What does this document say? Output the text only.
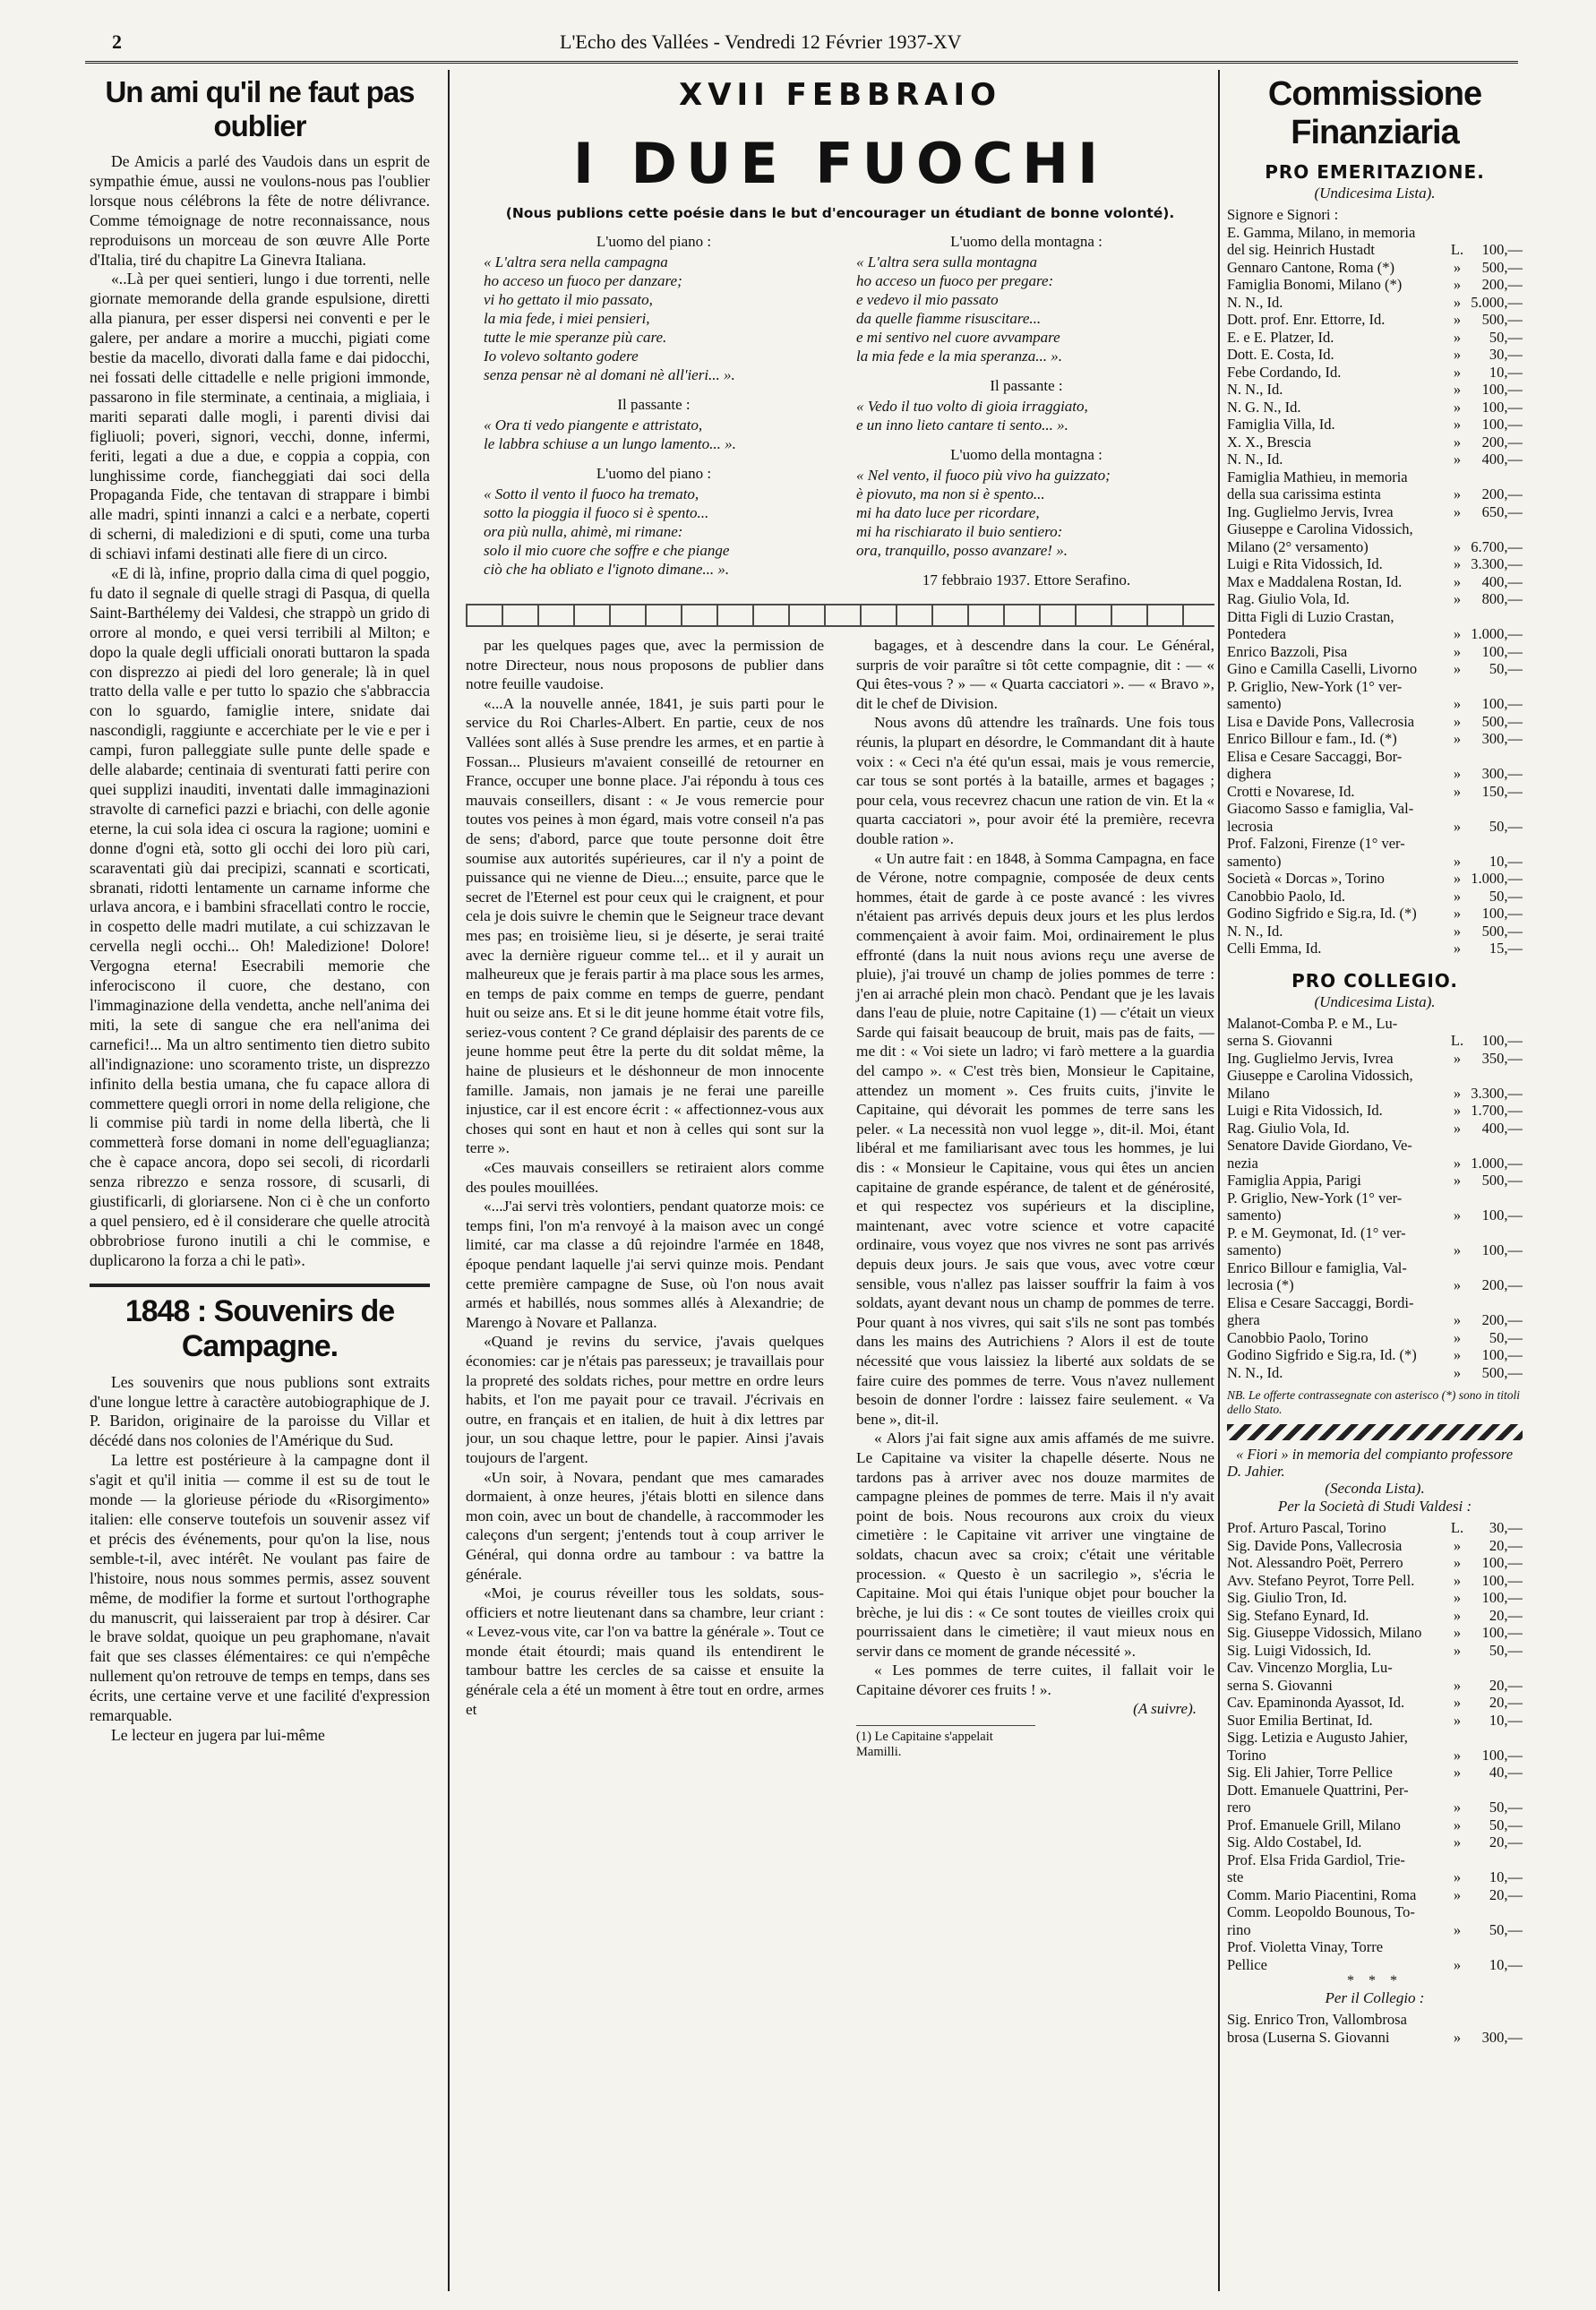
2	L'Echo des Vallées - Vendredi 12 Février 1937-XV
Un ami qu'il ne faut pas oublier

De Amicis a parlé des Vaudois dans un esprit de sympathie émue, aussi ne voulons-nous pas l'oublier lorsque nous célébrons la fête de notre délivrance. Comme témoignage de notre reconnaissance, nous reproduisons un morceau de son œuvre Alle Porte d'Italia, tiré du chapitre La Ginevra Italiana.

«..Là per quei sentieri, lungo i due torrenti, nelle giornate memorande della grande espulsione, diretti alla pianura, per esser dispersi nei conventi e per le galere, per andare a morire a mucchi, pigiati come bestie da macello, divorati dalla fame e dai pidocchi, nei fossati delle cittadelle e nelle prigioni immonde, passarono in file sterminate, a centinaia, a migliaia, i mariti separati dalle mogli, i parenti divisi dai figliuoli; poveri, signori, vecchi, donne, infermi, feriti, legati a due a due, e coppia a coppia, con lunghissime corde, fiancheggiati dai soci della Propaganda Fide, che tentavan di strappare i bimbi alle madri, spinti innanzi a calci e a nerbate, coperti di scherni, di maledizioni e di sputi, come una turba di schiavi infami destinati alle fiere di un circo.

«E di là, infine, proprio dalla cima di quel poggio, fu dato il segnale di quelle stragi di Pasqua, di quella Saint-Barthélemy dei Valdesi, che strappò un grido di orrore al mondo, e quei versi terribili al Milton; e dopo la quale degli ufficiali onorati buttaron la spada con disprezzo ai piedi del loro generale; là in quel tratto della valle e per tutto lo spazio che s'abbraccia con lo sguardo, famiglie intere, snidate dai nascondigli, raggiunte e accerchiate per le vie e per i campi, furon palleggiate sulle punte delle spade e delle alabarde; centinaia di sventurati fatti perire con quei supplizi inauditi, inventati dalle immaginazioni stravolte di carnefici pazzi e briachi, con delle agonie eterne, la cui sola idea ci oscura la ragione; uomini e donne d'ogni età, sotto gli occhi dei loro più cari, scaraventati giù dai precipizi, scannati e scorticati, sbranati, ridotti lentamente un carname informe che urlava ancora, e i bambini sfracellati contro le roccie, in cospetto delle madri mutilate, a cui schizzavan le cervella negli occhi... Oh! Maledizione! Dolore! Vergogna eterna! Esecrabili memorie che inferociscono il cuore, che destano, con l'immaginazione della vendetta, anche nell'anima dei miti, la sete di sangue che era nell'anima dei carnefici!... Ma un altro sentimento tien dietro subito all'indignazione: uno scoramento triste, un disprezzo infinito della bestia umana, che fu capace allora di commettere quegli orrori in nome della religione, che li commise più tardi in nome della libertà, che li commetterà forse domani in nome dell'eguaglianza; che è capace ancora, dopo sei secoli, di ricordarli senza ribrezzo e senza rossore, di scusarli, di giustificarli, di gloriarsene. Non ci è che un conforto a quel pensiero, ed è il considerare che quelle atrocità obbrobriose furono inutili a chi le commise, e duplicarono la forza a chi le patì».

1848 : Souvenirs de Campagne.

Les souvenirs que nous publions sont extraits d'une longue lettre à caractère autobiographique de J. P. Baridon, originaire de la paroisse du Villar et décédé dans nos colonies de l'Amérique du Sud.

La lettre est postérieure à la campagne dont il s'agit et qu'il initia — comme il est su de tout le monde — la glorieuse période du «Risorgimento» italien: elle conserve toutefois un souvenir assez vif et précis des événements, pour qu'on la lise, nous semble-t-il, avec intérêt. Ne voulant pas faire de l'histoire, nous nous sommes permis, assez souvent même, de modifier la forme et surtout l'orthographe du manuscrit, qui laisseraient par trop à désirer. Car le brave soldat, quoique un peu graphomane, n'avait fait que ses classes élémentaires: ce qui n'empêche nullement qu'on retrouve de temps en temps, dans ses écrits, une certaine verve et une facilité d'expression remarquable.

Le lecteur en jugera par lui-même

XVII FEBBRAIO
I DUE FUOCHI
(Nous publions cette poésie dans le but d'encourager un étudiant de bonne volonté).
L'uomo del piano :
« L'altra sera nella campagna
ho acceso un fuoco per danzare;
vi ho gettato il mio passato,
la mia fede, i miei pensieri,
tutte le mie speranze più care.
Io volevo soltanto godere
senza pensar nè al domani nè all'ieri... ».
Il passante :
« Ora ti vedo piangente e attristato,
le labbra schiuse a un lungo lamento... ».
L'uomo del piano :
« Sotto il vento il fuoco ha tremato,
sotto la pioggia il fuoco si è spento...
ora più nulla, ahimè, mi rimane:
solo il mio cuore che soffre e che piange
ciò che ha obliato e l'ignoto dimane... ».
L'uomo della montagna :
« L'altra sera sulla montagna
ho acceso un fuoco per pregare:
e vedevo il mio passato
da quelle fiamme risuscitare...
e mi sentivo nel cuore avvampare
la mia fede e la mia speranza... ».
Il passante :
« Vedo il tuo volto di gioia irraggiato,
e un inno lieto cantare ti sento... ».
L'uomo della montagna :
« Nel vento, il fuoco più vivo ha guizzato;
è piovuto, ma non si è spento...
mi ha dato luce per ricordare,
mi ha rischiarato il buio sentiero:
ora, tranquillo, posso avanzare! ».
17 febbraio 1937. Ettore Serafino.

par les quelques pages que, avec la permission de notre Directeur, nous nous proposons de publier dans notre feuille vaudoise.

«...A la nouvelle année, 1841, je suis parti pour le service du Roi Charles-Albert. En partie, ceux de nos Vallées sont allés à Suse prendre les armes, et en partie à Fossan... Plusieurs m'avaient conseillé de retourner en France, occuper une bonne place. J'ai répondu à tous ces mauvais conseillers, disant : « Je vous remercie pour toutes vos peines à mon égard, mais votre conseil n'a pas de sens; d'abord, parce que toute personne doit être soumise aux autorités supérieures, car il n'y a point de puissance qui ne vienne de Dieu...; ensuite, parce que le secret de l'Eternel est pour ceux qui le craignent, et pour cela je dois suivre le chemin que le Seigneur trace devant mes pas; en troisième lieu, si je déserte, je serai traité avec la dernière rigueur comme tel... et il y aurait un malheureux que je ferais partir à ma place sous les armes, en temps de paix comme en temps de guerre, pendant huit ou seize ans. Et si le dit jeune homme était votre fils, seriez-vous content ? Ce grand déplaisir des parents de ce jeune homme peut être la perte du dit soldat même, la haine de plusieurs et le déshonneur de mon innocente famille. Jamais, non jamais je ne ferai une pareille injustice, car il est encore écrit : « affectionnez-vous aux choses qui sont en haut et non à celles qui sont sur la terre ».

«Ces mauvais conseillers se retiraient alors comme des poules mouillées.

«...J'ai servi très volontiers, pendant quatorze mois: ce temps fini, l'on m'a renvoyé à la maison avec un congé limité, car ma classe a dû rejoindre l'armée en 1848, époque pendant laquelle j'ai servi quinze mois. Pendant cette première campagne de Suse, où l'on nous avait armés et habillés, nous sommes allés à Alexandrie; de Marengo à Novare et Pallanza.

«Quand je revins du service, j'avais quelques économies: car je n'étais pas paresseux; je travaillais pour la propreté des soldats riches, pour mettre en ordre leurs habits, et l'on me payait pour ce travail. J'écrivais en outre, en français et en italien, de huit à dix lettres par jour, un sou chaque lettre, pour le papier. Ainsi j'avais toujours de l'argent.

«Un soir, à Novara, pendant que mes camarades dormaient, à onze heures, j'étais blotti en silence dans mon coin, avec un bout de chandelle, à raccommoder les caleçons d'un sergent; j'entends tout à coup arriver le Général, qui donna ordre au tambour : va battre la générale.

«Moi, je courus réveiller tous les soldats, sous-officiers et notre lieutenant dans sa chambre, leur criant : « Levez-vous vite, car l'on va battre la générale ». Tout ce monde était étourdi; mais quand ils entendirent le tambour battre les cercles de sa caisse et ensuite la générale cela a été un moment à être tout en ordre, armes et

bagages, et à descendre dans la cour. Le Général, surpris de voir paraître si tôt cette compagnie, dit : — « Qui êtes-vous ? » — « Quarta cacciatori ». — « Bravo », dit le chef de Division.

Nous avons dû attendre les traînards. Une fois tous réunis, la plupart en désordre, le Commandant dit à haute voix : « Ceci n'a été qu'un essai, mais je vous remercie, car tous se sont portés à la bataille, armes et bagages ; pour cela, vous recevrez chacun une ration de vin. Et la « quarta cacciatori », pour avoir été la première, recevra double ration ».

« Un autre fait : en 1848, à Somma Campagna, en face de Vérone, notre compagnie, composée de deux cents hommes, était de garde à ce poste avancé : les vivres n'étaient pas arrivés depuis deux jours et les plus lerdos commençaient à avoir faim. Moi, ordinairement le plus effronté (dans la nuit nous avions reçu une averse de pluie), j'ai trouvé un champ de jolies pommes de terre : j'en ai arraché plein mon chacò. Pendant que je les lavais dans l'eau de pluie, notre Capitaine (1) — c'était un vieux Sarde qui faisait beaucoup de bruit, mais pas de faits, — me dit : « Voi siete un ladro; vi farò mettere a la guardia del campo ». « C'est très bien, Monsieur le Capitaine, attendez un moment ». Ces fruits cuits, j'invite le Capitaine, qui dévorait les pommes de terre sans les peler. « La necessità non vuol legge », dit-il. Moi, étant libéral et me familiarisant avec tous les hommes, je lui dis : « Monsieur le Capitaine, vous qui êtes un ancien capitaine de grande espérance, de talent et de générosité, et qui respectez vos supérieurs et la discipline, maintenant, avec votre science et votre capacité ordinaire, vous voyez que nos vivres ne sont pas arrivés depuis deux jours. Je sais que vous, avec votre cœur sensible, vous n'allez pas laisser souffrir la faim à vos soldats, ayant devant nous un champ de pommes de terre. Pour quant à nos vivres, qui sait s'ils ne sont pas tombés dans les mains des Autrichiens ? Alors il est de toute nécessité que vous laissiez la liberté aux soldats de se faire cuire des pommes de terre. Vous n'avez nullement besoin de donner l'ordre : laissez faire seulement. « Va bene », dit-il.

« Alors j'ai fait signe aux amis affamés de me suivre. Le Capitaine va visiter la chapelle déserte. Nous ne tardons pas à arriver avec nos douze marmites de campagne pleines de pommes de terre. Mais il n'y avait point de bois. Nous recourons aux croix du vieux cimetière : le Capitaine vit arriver une vingtaine de soldats, chacun avec sa croix; c'était une véritable procession. « Questo è un sacrilegio », s'écria le Capitaine. Moi qui étais l'unique objet pour boucher la brèche, je lui dis : « Ce sont toutes de vieilles croix qui pourrissaient dans le cimetière; il vaut mieux nous en servir dans ce moment de grande nécessité ».

« Les pommes de terre cuites, il fallait voir le Capitaine dévorer ces fruits ! ».

(A suivre).
(1) Le Capitaine s'appelait Mamilli.
Commissione Finanziaria
PRO EMERITAZIONE.
(Undicesima Lista).
Signore e Signori :
E. Gamma, Milano, in memoria
del sig. Heinrich Hustadt	L.	100,—
Gennaro Cantone, Roma (*)	»	500,—
Famiglia Bonomi, Milano (*)	»	200,—
N. N., Id.	» 5.000,—
Dott. prof. Enr. Ettorre, Id.	»	500,—
E. e E. Platzer, Id.	»	50,—
Dott. E. Costa, Id.	»	30,—
Febe Cordando, Id.	»	10,—
N. N., Id.	»	100,—
N. G. N., Id.	»	100,—
Famiglia Villa, Id.	»	100,—
X. X., Brescia	»	200,—
N. N., Id.	»	400,—
Famiglia Mathieu, in memoria
della sua carissima estinta	»	200,—
Ing. Guglielmo Jervis, Ivrea	»	650,—
Giuseppe e Carolina Vidossich,
Milano (2° versamento)	» 6.700,—
Luigi e Rita Vidossich, Id.	» 3.300,—
Max e Maddalena Rostan, Id.	»	400,—
Rag. Giulio Vola, Id.	»	800,—
Ditta Figli di Luzio Crastan,
Pontedera	» 1.000,—
Enrico Bazzoli, Pisa	»	100,—
Gino e Camilla Caselli, Livorno	»	50,—
P. Griglio, New-York (1° ver-
samento)	»	100,—
Lisa e Davide Pons, Vallecrosia	»	500,—
Enrico Billour e fam., Id. (*)	»	300,—
Elisa e Cesare Saccaggi, Bor-
dighera	»	300,—
Crotti e Novarese, Id.	»	150,—
Giacomo Sasso e famiglia, Val-
lecrosia	»	50,—
Prof. Falzoni, Firenze (1° ver-
samento)	»	10,—
Società « Dorcas », Torino	» 1.000,—
Canobbio Paolo, Id.	»	50,—
Godino Sigfrido e Sig.ra, Id. (*)	»	100,—
N. N., Id.	»	500,—
Celli Emma, Id.	»	15,—
PRO COLLEGIO.
(Undicesima Lista).
Malanot-Comba P. e M., Lu-
serna S. Giovanni	L.	100,—
Ing. Guglielmo Jervis, Ivrea	»	350,—
Giuseppe e Carolina Vidossich,
Milano	» 3.300,—
Luigi e Rita Vidossich, Id.	» 1.700,—
Rag. Giulio Vola, Id.	»	400,—
Senatore Davide Giordano, Ve-
nezia	» 1.000,—
Famiglia Appia, Parigi	»	500,—
P. Griglio, New-York (1° ver-
samento)	»	100,—
P. e M. Geymonat, Id. (1° ver-
samento)	»	100,—
Enrico Billour e famiglia, Val-
lecrosia (*)	»	200,—
Elisa e Cesare Saccaggi, Bordi-
ghera	»	200,—
Canobbio Paolo, Torino	»	50,—
Godino Sigfrido e Sig.ra, Id. (*)	»	100,—
N. N., Id.	»	500,—
NB. Le offerte contrassegnate con asterisco (*) sono in titoli dello Stato.
« Fiori » in memoria del compianto professore D. Jahier.
(Seconda Lista).
Per la Società di Studi Valdesi :
Prof. Arturo Pascal, Torino	L.	30,—
Sig. Davide Pons, Vallecrosia	»	20,—
Not. Alessandro Poët, Perrero	»	100,—
Avv. Stefano Peyrot, Torre Pell.	»	100,—
Sig. Giulio Tron, Id.	»	100,—
Sig. Stefano Eynard, Id.	»	20,—
Sig. Giuseppe Vidossich, Milano	»	100,—
Sig. Luigi Vidossich, Id.	»	50,—
Cav. Vincenzo Morglia, Lu-
serna S. Giovanni	»	20,—
Cav. Epaminonda Ayassot, Id.	»	20,—
Suor Emilia Bertinat, Id.	»	10,—
Sigg. Letizia e Augusto Jahier,
Torino	»	100,—
Sig. Eli Jahier, Torre Pellice	»	40,—
Dott. Emanuele Quattrini, Per-
rero	»	50,—
Prof. Emanuele Grill, Milano	»	50,—
Sig. Aldo Costabel, Id.	»	20,—
Prof. Elsa Frida Gardiol, Trie-
ste	»	10,—
Comm. Mario Piacentini, Roma	»	20,—
Comm. Leopoldo Bounous, To-
rino	»	50,—
Prof. Violetta Vinay, Torre
Pellice	»	10,—
* * *
Per il Collegio :
Sig. Enrico Tron, Vallombrosa
brosa (Luserna S. Giovanni	»	300,—
